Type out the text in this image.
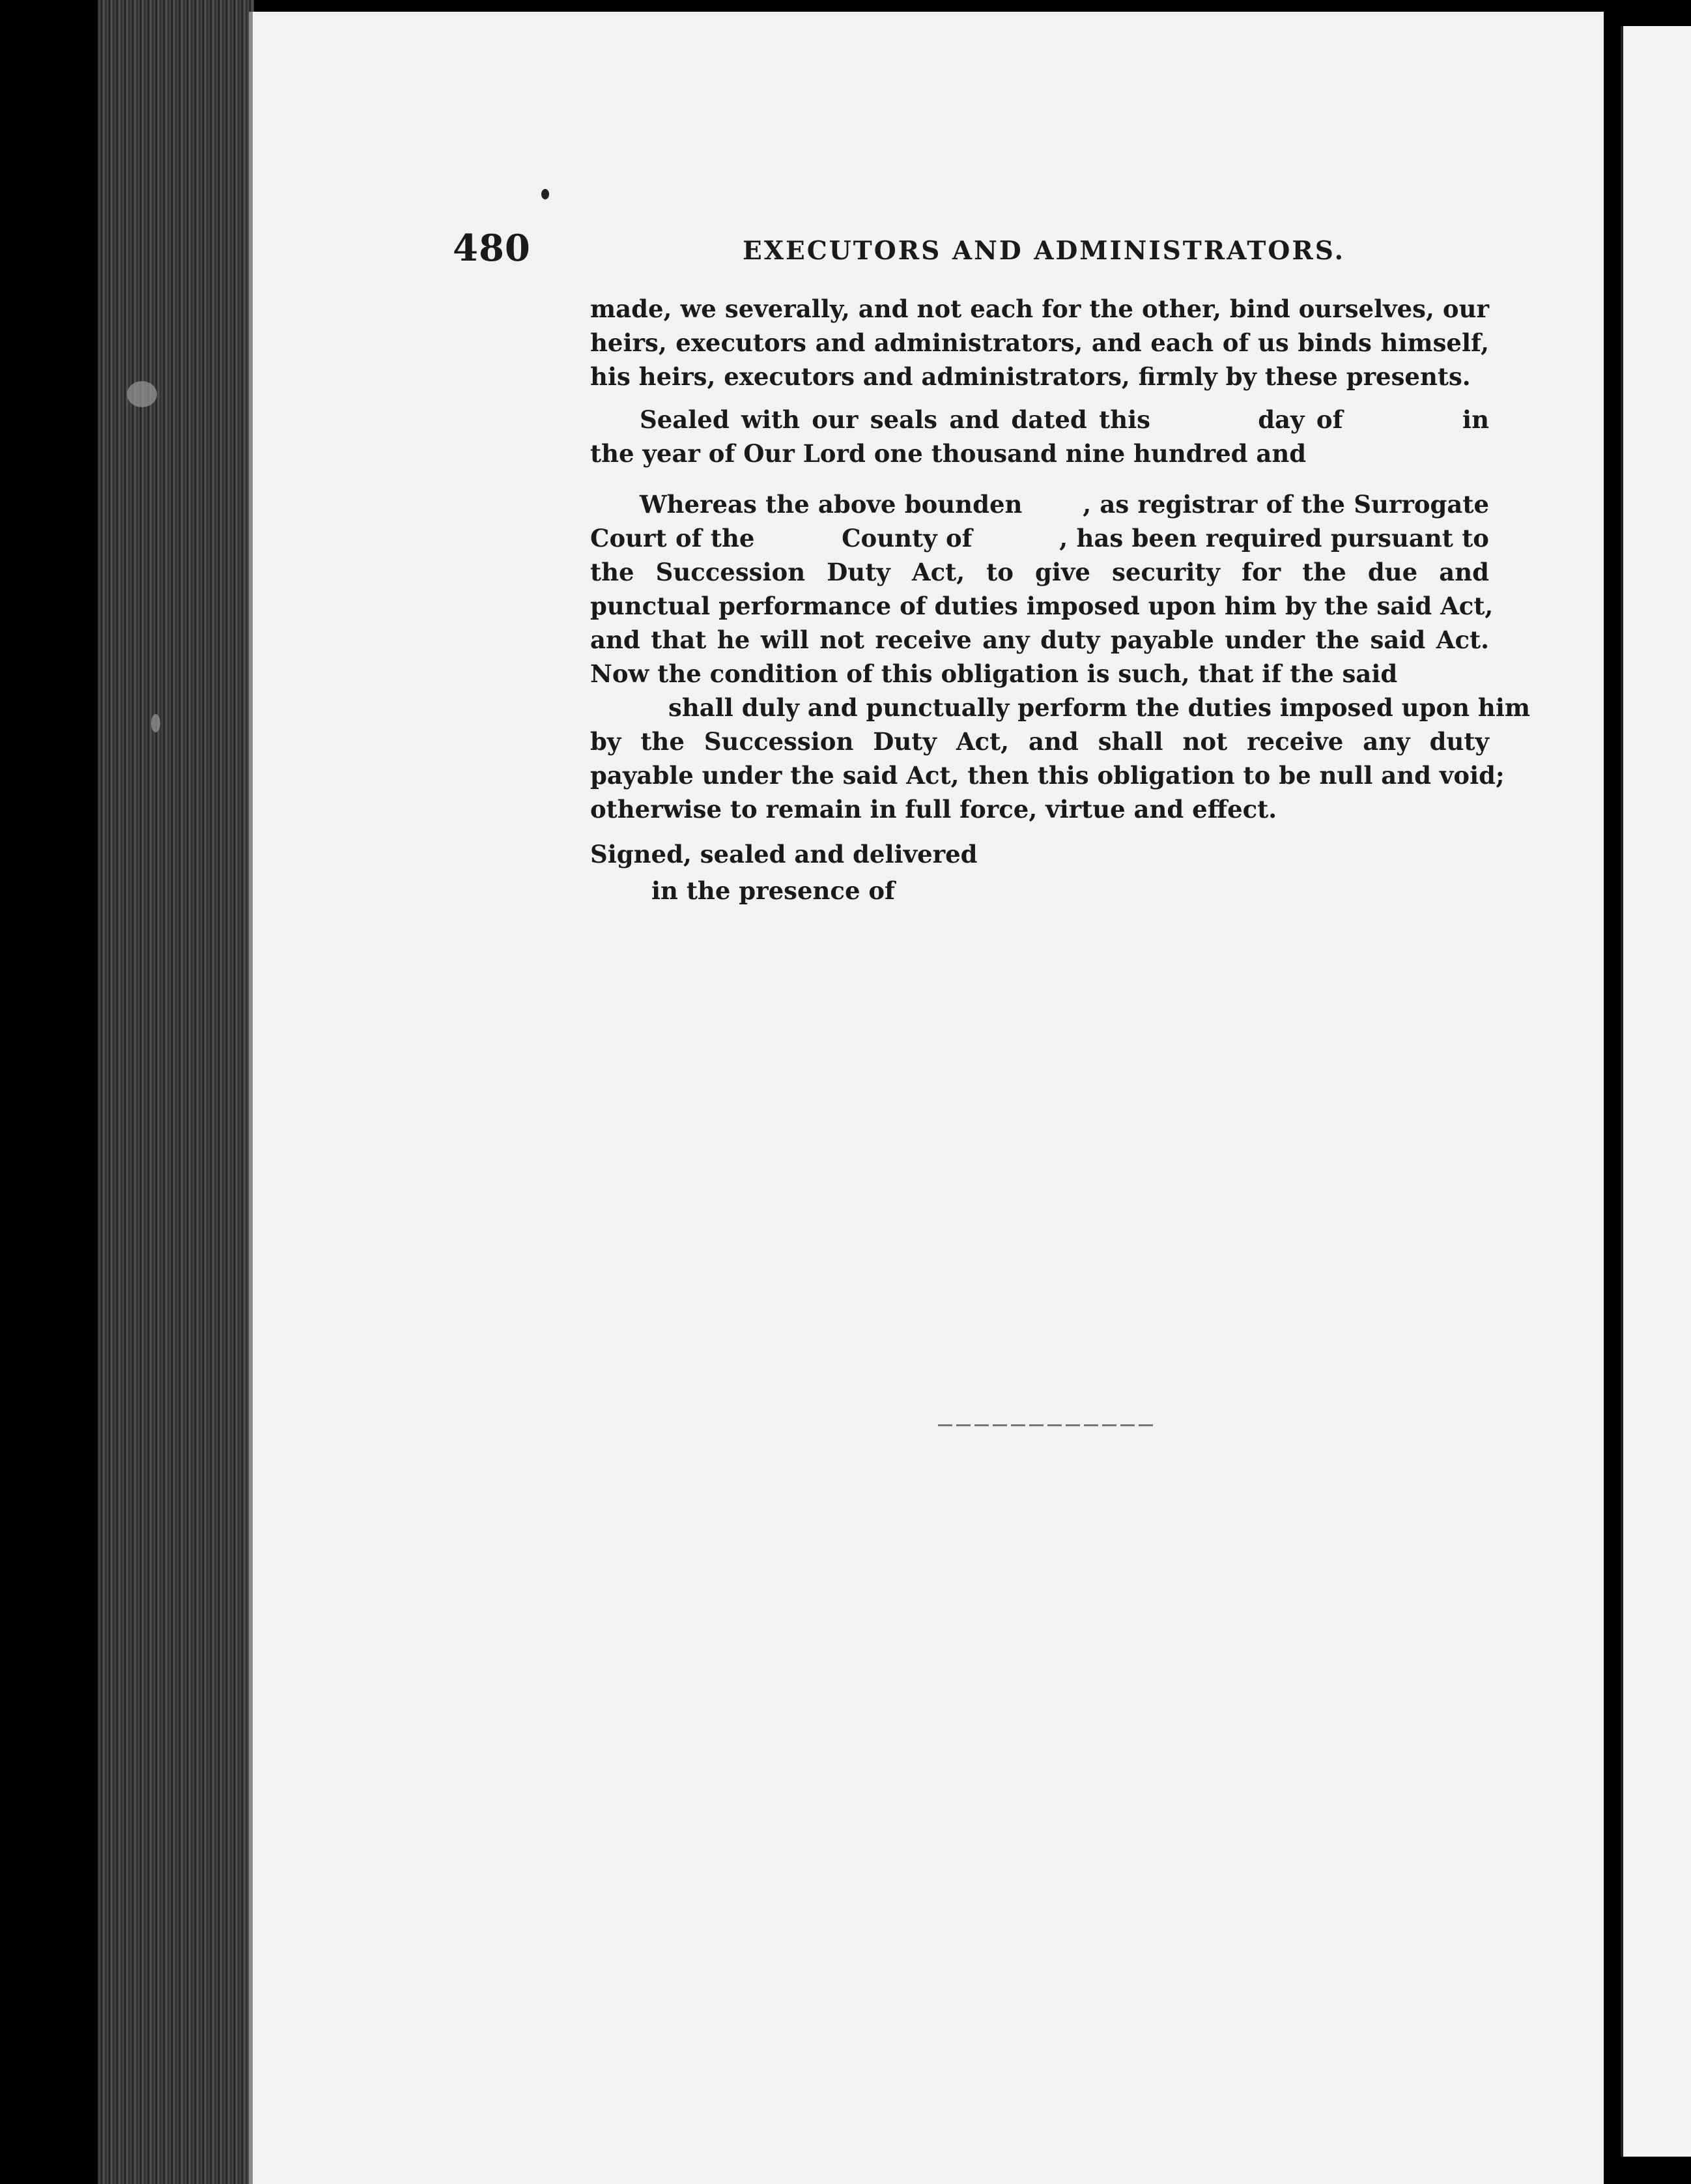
480	EXECUTORS AND ADMINISTRATORS.
made, we severally, and not each for the other, bind ourselves, our
heirs, executors and administrators, and each of us binds himself,
his heirs, executors and administrators, firmly by these presents.
Sealed with our seals and dated this         day of          in
the year of Our Lord one thousand nine hundred and
Whereas the above bounden       , as registrar of the Surrogate
Court of the          County of          , has been required pursuant to
the Succession Duty Act, to give security for the due and
punctual performance of duties imposed upon him by the said Act,
and that he will not receive any duty payable under the said Act.
Now the condition of this obligation is such, that if the said
shall duly and punctually perform the duties imposed upon him
by the Succession Duty Act, and shall not receive any duty
payable under the said Act, then this obligation to be null and void;
otherwise to remain in full force, virtue and effect.
Signed, sealed and delivered
in the presence of
